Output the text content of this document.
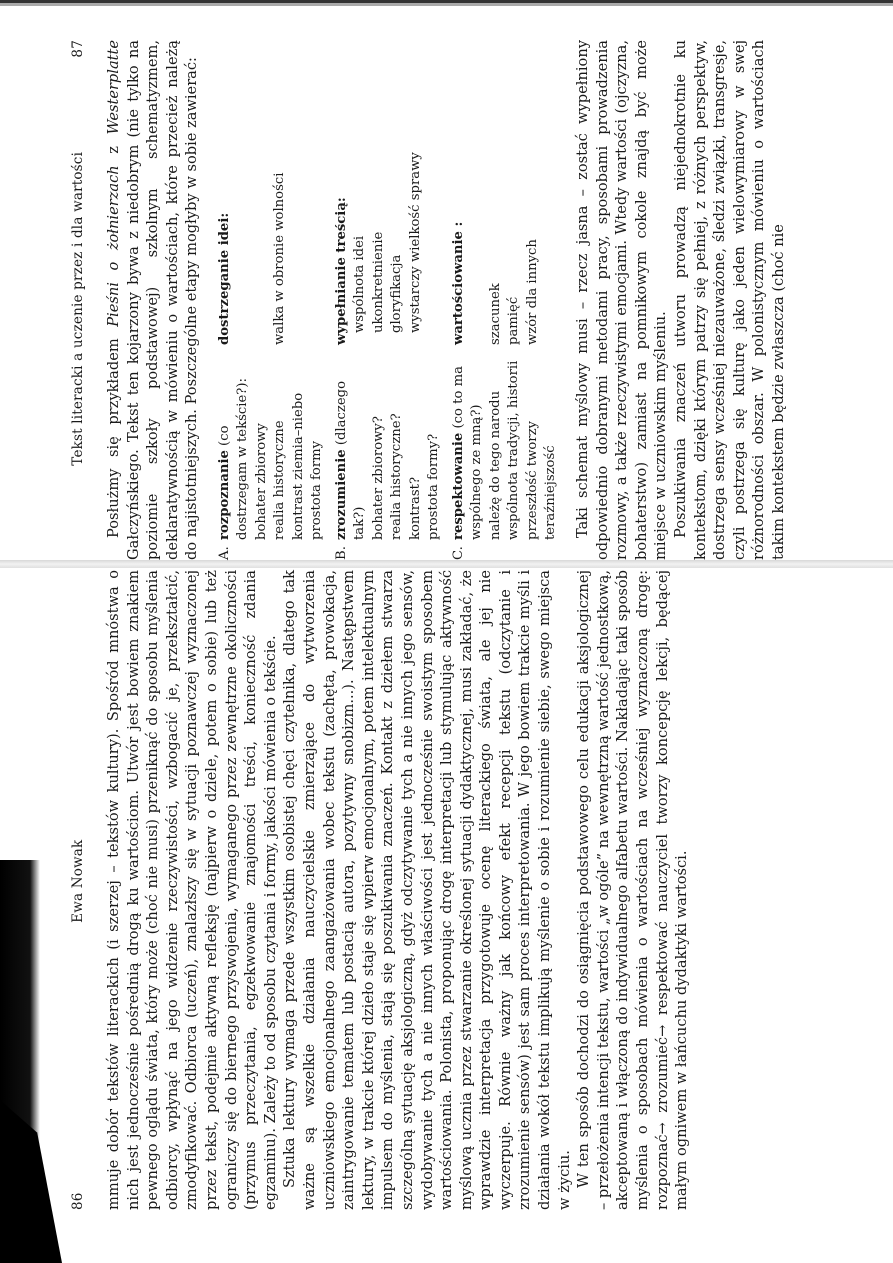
86
Ewa Nowak mmuje dobór tekstów literackich (i szerzej – tekstów kultury). Spośród mnóstwa o nich jest jednocześnie pośrednią drogą ku wartościom. Utwór jest bowiem znakiem pewnego oglądu świata, który może (choć nie musi) przeniknąć do sposobu myślenia odbiorcy, wpłynąć na jego widzenie rzeczywistości, wzbogacić je, przekształcić, zmodyfikować. Odbiorca (uczeń), znalazłszy się w sytuacji poznawczej wyznaczonej przez tekst, podejmie aktywną refleksję (najpierw o dziele, potem o sobie) lub też ograniczy się do biernego przyswojenia, wymaganego przez zewnętrzne okoliczności (przymus przeczytania, egzekwowanie znajomości treści, konieczność zdania egzaminu). Zależy to od sposobu czytania i formy, jakości mówienia o tekście. Sztuka lektury wymaga przede wszystkim osobistej chęci czytelnika, dlatego tak ważne są wszelkie działania nauczycielskie zmierzające do wytworzenia uczniowskiego emocjonalnego zaangażowania wobec tekstu (zachęta, prowokacja, zaintrygowanie tematem lub postacią autora, pozytywny snobizm...). Następstwem lektury, w trakcie której dzieło staje się wpierw emocjonalnym, potem intelektualnym impulsem do myślenia, stają się poszukiwania znaczeń. Kontakt z dziełem stwarza szczególną sytuację aksjologiczną, gdyż odczytywanie tych a nie innych jego sensów, wydobywanie tych a nie innych właściwości jest jednocześnie swoistym sposobem wartościowania. Polonista, proponując drogę interpretacji lub stymulując aktywność myślową ucznia przez stwarzanie określonej sytuacji dydaktycznej, musi zakładać, że wprawdzie interpretacja przygotowuje ocenę literackiego świata, ale jej nie wyczerpuje. Równie ważny jak końcowy efekt recepcji tekstu (odczytanie i zrozumienie sensów) jest sam proces interpretowania. W jego bowiem trakcie myśli i działania wokół tekstu implikują myślenie o sobie i rozumienie siebie, swego miejsca w życiu. W ten sposób dochodzi do osiągnięcia podstawowego celu edukacji aksjologicznej – przełożenia intencji tekstu, wartości „w ogóle” na wewnętrzną wartość jednostkową, akceptowaną i włączoną do indywidualnego alfabetu wartości. Nakładając taki sposób myślenia o sposobach mówienia o wartościach na wcześniej wyznaczoną drogę: rozpoznać→ zrozumieć→ respektować nauczyciel tworzy koncepcję lekcji, będącej małym ogniwem w łańcuchu dydaktyki wartości.

Tekst literacki a uczenie przez i dla wartości
87

Posłużmy się przykładem Pieśni o żołnierzach z Westerplatte Gałczyńskiego. Tekst ten kojarzony bywa z niedobrym (nie tylko na poziomie szkoły podstawowej) szkolnym schematyzmem, deklaratywnością w mówieniu o wartościach, które przecież należą do najistotniejszych. Poszczególne etapy mogłyby w sobie zawierać: A.
rozpoznanie (co dostrzegam w tekście?): bohater zbiorowy realia historyczne kontrast ziemia–niebo prostota formy
dostrzeganie idei:	walka w obronie wolności
B.
zrozumienie (dlaczego tak?) bohater zbiorowy? realia historyczne? kontrast? prostota formy?
wypełnianie treścią: wspólnota idei ukonkretnienie gloryfikacja wystarczy wielkość sprawy
C.
respektowanie (co to ma wspólnego ze mną?) należę do tego narodu wspólnota tradycji, historii przeszłość tworzy teraźniejszość
wartościowanie : szacunek pamięć wzór dla innych Taki schemat myślowy musi – rzecz jasna – zostać wypełniony odpowiednio dobranymi metodami pracy, sposobami prowadzenia rozmowy, a także rzeczywistymi emocjami. Wtedy wartości (ojczyzna, bohaterstwo) zamiast na pomnikowym cokole znajdą być może miejsce w uczniowskim myśleniu. Poszukiwania znaczeń utworu prowadzą niejednokrotnie ku kontekstom, dzięki którym patrzy się pełniej, z różnych perspektyw, dostrzega sensy wcześniej niezauważone, śledzi związki, transgresje, czyli postrzega się kulturę jako jeden wielowymiarowy w swej różnorodności obszar. W polonistycznym mówieniu o wartościach takim kontekstem będzie zwłaszcza (choć nie
